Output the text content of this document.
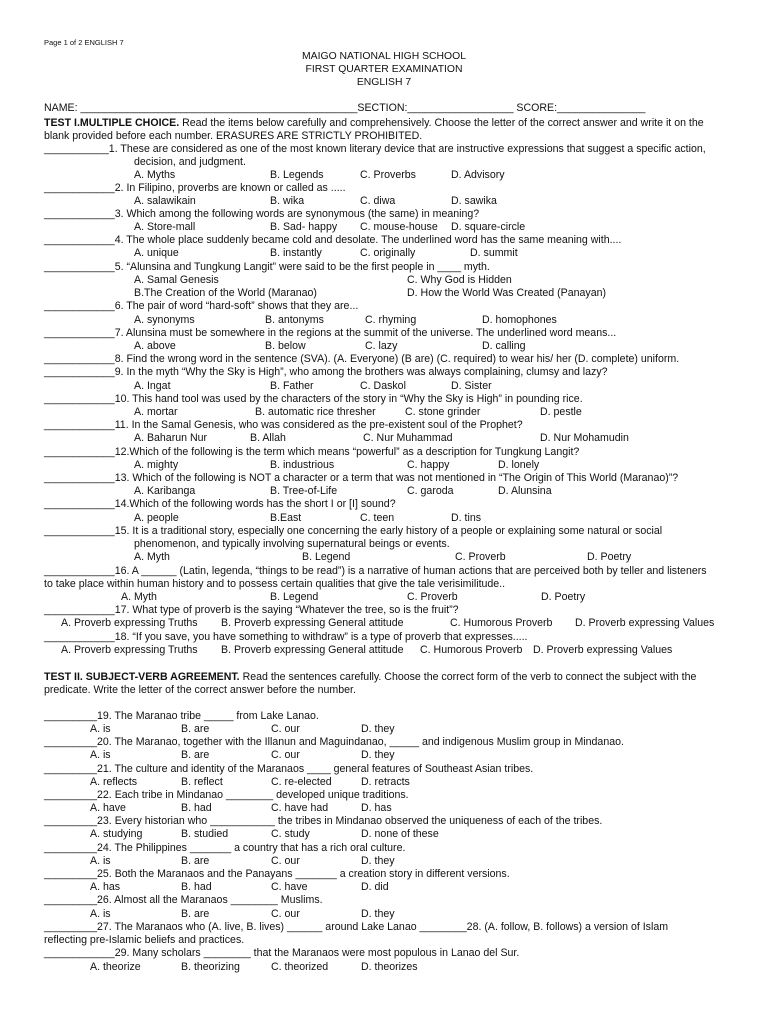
Page 1 of 2 ENGLISH 7
MAIGO NATIONAL HIGH SCHOOL
FIRST QUARTER EXAMINATION
ENGLISH 7
NAME: _______________________________________________SECTION:__________________ SCORE:_______________
TEST I.MULTIPLE CHOICE. Read the items below carefully and comprehensively. Choose the letter of the correct answer and write it on the
blank provided before each number. ERASURES ARE STRICTLY PROHIBITED.
___________1. These are considered as one of the most known literary device that are instructive expressions that suggest a specific action,
decision, and judgment.
A. Myths	B. Legends	C. Proverbs	D. Advisory
____________2. In Filipino, proverbs are known or called as .....
A. salawikain	B. wika	C. diwa	D. sawika
____________3. Which among the following words are synonymous (the same) in meaning?
A. Store-mall	B. Sad- happy C. mouse-house D. square-circle
____________4. The whole place suddenly became cold and desolate. The underlined word has the same meaning with....
A. unique	B. instantly	C. originally	D. summit
____________5. “Alunsina and Tungkung Langit” were said to be the first people in ____ myth.
A. Samal Genesis	C. Why God is Hidden
B.The Creation of the World (Maranao)	D. How the World Was Created (Panayan)
____________6. The pair of word “hard-soft” shows that they are...
A. synonyms	B. antonyms	C. rhyming	D. homophones
____________7. Alunsina must be somewhere in the regions at the summit of the universe. The underlined word means...
A. above	B. below	C. lazy	D. calling
____________8. Find the wrong word in the sentence (SVA). (A. Everyone) (B are) (C. required) to wear his/ her (D. complete) uniform.
____________9. In the myth “Why the Sky is High”, who among the brothers was always complaining, clumsy and lazy?
A. Ingat	B. Father	C. Daskol	D. Sister
____________10. This hand tool was used by the characters of the story in “Why the Sky is High” in pounding rice.
A. mortar	B. automatic rice thresher	C. stone grinder	D. pestle
____________11. In the Samal Genesis, who was considered as the pre-existent soul of the Prophet?
A. Baharun Nur	B. Allah	C. Nur Muhammad	D. Nur Mohamudin
____________12.Which of the following is the term which means “powerful” as a description for Tungkung Langit?
A. mighty	B. industrious	C. happy	D. lonely
____________13. Which of the following is NOT a character or a term that was not mentioned in “The Origin of This World (Maranao)”?
A. Karibanga	B. Tree-of-Life	C. garoda	D. Alunsina
____________14.Which of the following words has the short I or [I] sound?
A. people	B.East	C. teen	D. tins
____________15. It is a traditional story, especially one concerning the early history of a people or explaining some natural or social
phenomenon, and typically involving supernatural beings or events.
A. Myth	B. Legend	C. Proverb	D. Poetry
____________16. A ______ (Latin, legenda, “things to be read”) is a narrative of human actions that are perceived both by teller and listeners
to take place within human history and to possess certain qualities that give the tale verisimilitude..
A. Myth	B. Legend	C. Proverb	D. Poetry
____________17. What type of proverb is the saying “Whatever the tree, so is the fruit”?
A. Proverb expressing Truths B. Proverb expressing General attitude	C. Humorous Proverb D. Proverb expressing Values
____________18. “If you save, you have something to withdraw” is a type of proverb that expresses.....
A. Proverb expressing Truths B. Proverb expressing General attitude C. Humorous Proverb D. Proverb expressing Values
TEST II. SUBJECT-VERB AGREEMENT. Read the sentences carefully. Choose the correct form of the verb to connect the subject with the
predicate. Write the letter of the correct answer before the number.
_________19. The Maranao tribe _____ from Lake Lanao.
A. is	B. are	C. our	D. they
_________20. The Maranao, together with the Illanun and Maguindanao, _____ and indigenous Muslim group in Mindanao.
A. is	B. are	C. our	D. they
_________21. The culture and identity of the Maranaos ____ general features of Southeast Asian tribes.
A. reflects	B. reflect	C. re-elected	D. retracts
_________22. Each tribe in Mindanao ________ developed unique traditions.
A. have	B. had	C. have had	D. has
_________23. Every historian who ___________ the tribes in Mindanao observed the uniqueness of each of the tribes.
A. studying	B. studied	C. study	D. none of these
_________24. The Philippines _______ a country that has a rich oral culture.
A. is	B. are	C. our	D. they
_________25. Both the Maranaos and the Panayans _______ a creation story in different versions.
A. has	B. had	C. have	D. did
_________26. Almost all the Maranaos ________ Muslims.
A. is	B. are	C. our	D. they
_________27. The Maranaos who (A. live, B. lives) ______ around Lake Lanao ________28. (A. follow, B. follows) a version of Islam
reflecting pre-Islamic beliefs and practices.
____________29. Many scholars ________ that the Maranaos were most populous in Lanao del Sur.
A. theorize	B. theorizing	C. theorized	D. theorizes
